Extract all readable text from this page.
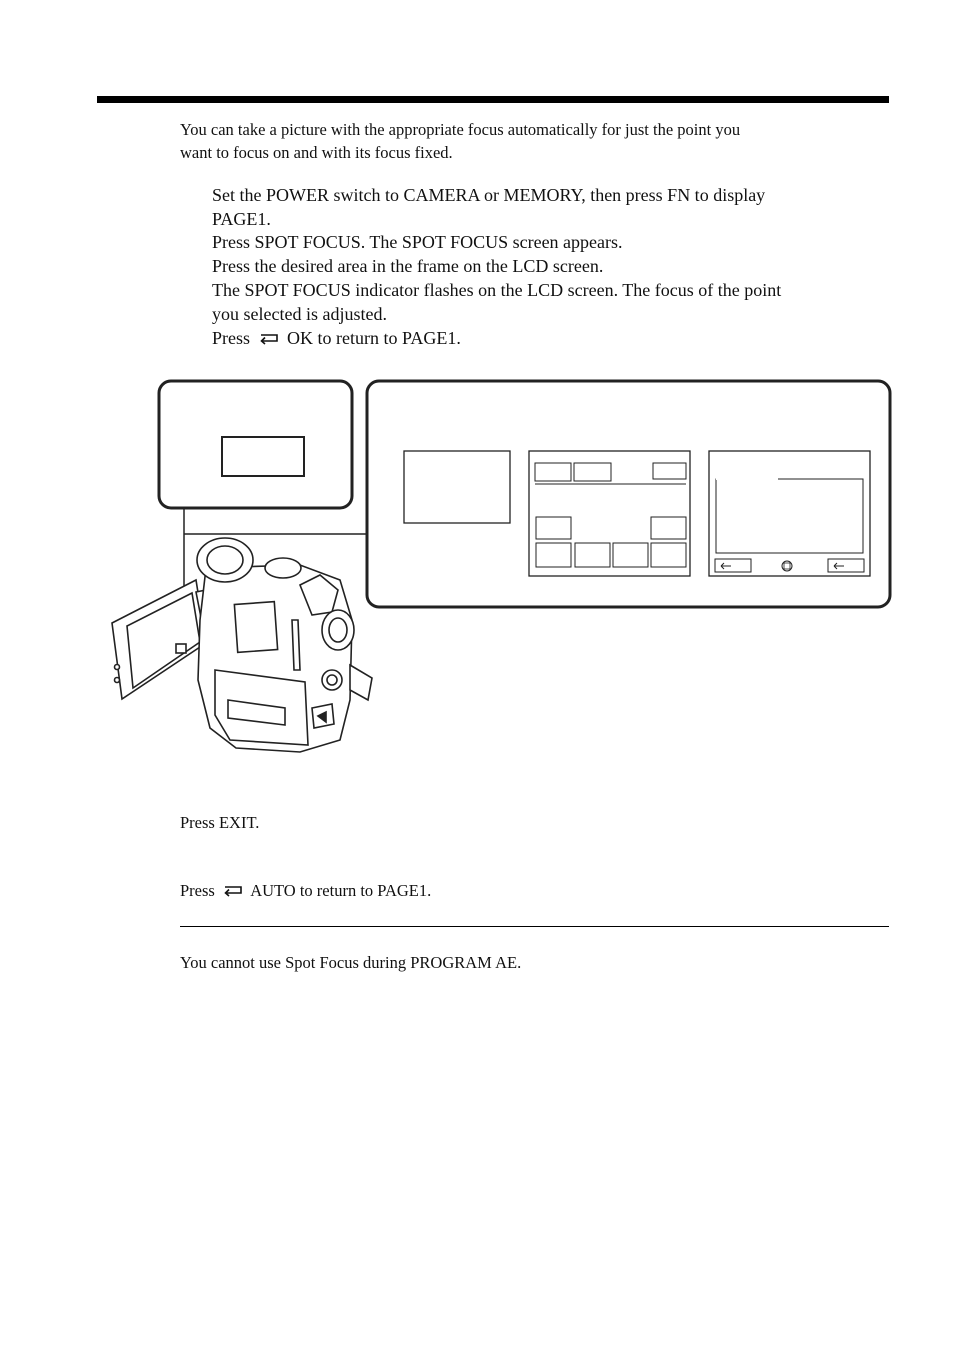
You can take a picture with the appropriate focus automatically for just the point you
want to focus on and with its focus fixed.

Set the POWER switch to CAMERA or MEMORY, then press FN to display
PAGE1.

Press SPOT FOCUS. The SPOT FOCUS screen appears.

Press the desired area in the frame on the LCD screen.

The SPOT FOCUS indicator flashes on the LCD screen. The focus of the point
you selected is adjusted.

Press OK to return to PAGE1.

Press EXIT.

Press AUTO to return to PAGE1.

You cannot use Spot Focus during PROGRAM AE.
